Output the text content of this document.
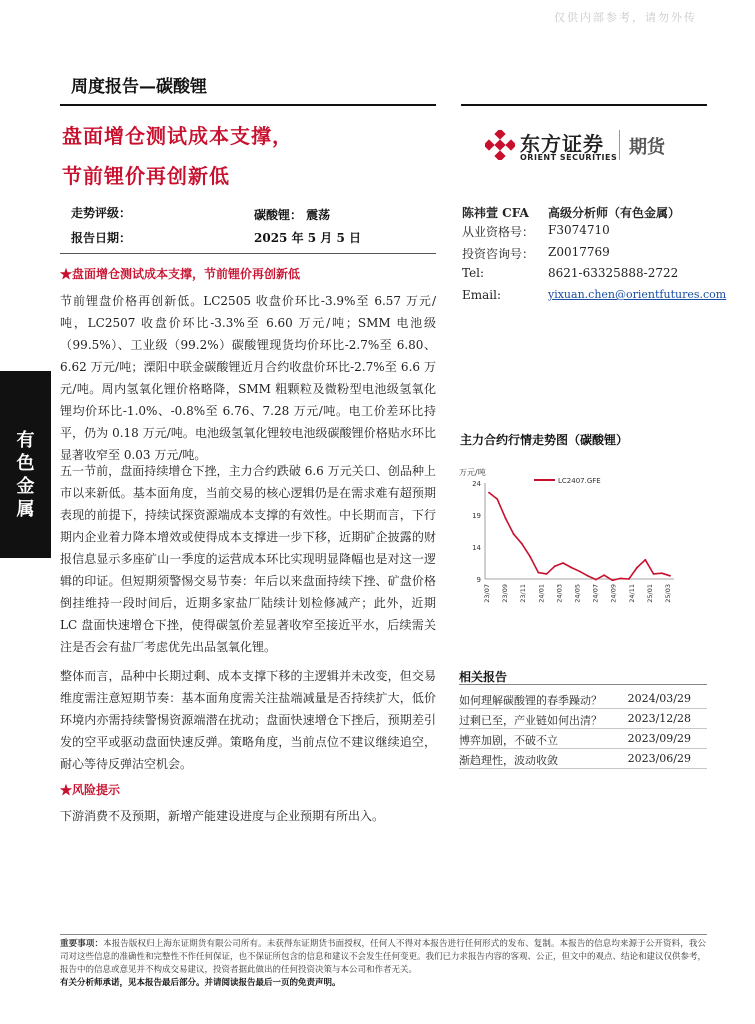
仅供内部参考，请勿外传
周度报告—碳酸锂
盘面增仓测试成本支撑，
节前锂价再创新低
东方证券
ORIENT SECURITIES 期货
走势评级：	碳酸锂： 震荡
报告日期：	2025 年 5 月 5 日
陈祎萱 CFA 高级分析师（有色金属）
从业资格号： F3074710
投资咨询号： Z0017769
Tel:	8621-63325888-2722
Email:	yixuan.chen@orientfutures.com
有
色
金
属
★盘面增仓测试成本支撑，节前锂价再创新低

节前锂盘价格再创新低。LC2505 收盘价环比-3.9%至 6.57 万元/吨，LC2507 收盘价环比-3.3%至 6.60 万元/吨；SMM 电池级（99.5%）、工业级（99.2%）碳酸锂现货均价环比-2.7%至 6.80、6.62 万元/吨；溧阳中联金碳酸锂近月合约收盘价环比-2.7%至 6.6 万元/吨。周内氢氧化锂价格略降，SMM 粗颗粒及微粉型电池级氢氧化锂均价环比-1.0%、-0.8%至 6.76、7.28 万元/吨。电工价差环比持平，仍为 0.18 万元/吨。电池级氢氧化锂较电池级碳酸锂价格贴水环比显著收窄至 0.03 万元/吨。

五一节前，盘面持续增仓下挫，主力合约跌破 6.6 万元关口、创品种上市以来新低。基本面角度，当前交易的核心逻辑仍是在需求难有超预期表现的前提下，持续试探资源端成本支撑的有效性。中长期而言，下行期内企业着力降本增效或使得成本支撑进一步下移，近期矿企披露的财报信息显示多座矿山一季度的运营成本环比实现明显降幅也是对这一逻辑的印证。但短期须警惕交易节奏：年后以来盘面持续下挫、矿盘价格倒挂维持一段时间后，近期多家盐厂陆续计划检修减产；此外，近期 LC 盘面快速增仓下挫，使得碳氢价差显著收窄至接近平水，后续需关注是否会有盐厂考虑优先出品氢氧化锂。

整体而言，品种中长期过剩、成本支撑下移的主逻辑并未改变，但交易维度需注意短期节奏：基本面角度需关注盐端减量是否持续扩大，低价环境内亦需持续警惕资源端潜在扰动；盘面快速增仓下挫后，预期差引发的空平或驱动盘面快速反弹。策略角度，当前点位不建议继续追空，耐心等待反弹沽空机会。

★风险提示
下游消费不及预期，新增产能建设进度与企业预期有所出入。
主力合约行情走势图（碳酸锂）
万元/吨
LC2407.GFE
24
19
14
9
23/07 23/09 23/11 24/01 24/03 24/05 24/07 24/09 24/11 25/01 25/03
相关报告
如何理解碳酸锂的春季躁动？ 2024/03/29
过剩已至，产业链如何出清？ 2023/12/28
博弈加剧，不破不立	2023/09/29
渐趋理性，波动收敛	2023/06/29
重要事项：本报告版权归上海东证期货有限公司所有。未获得东证期货书面授权，任何人不得对本报告进行任何形式的发布、复制。本报告的信息均来源于公开资料，我公司对这些信息的准确性和完整性不作任何保证，也不保证所包含的信息和建议不会发生任何变更。我们已力求报告内容的客观、公正，但文中的观点、结论和建议仅供参考，报告中的信息或意见并不构成交易建议，投资者据此做出的任何投资决策与本公司和作者无关。
有关分析师承诺，见本报告最后部分。并请阅读报告最后一页的免责声明。
